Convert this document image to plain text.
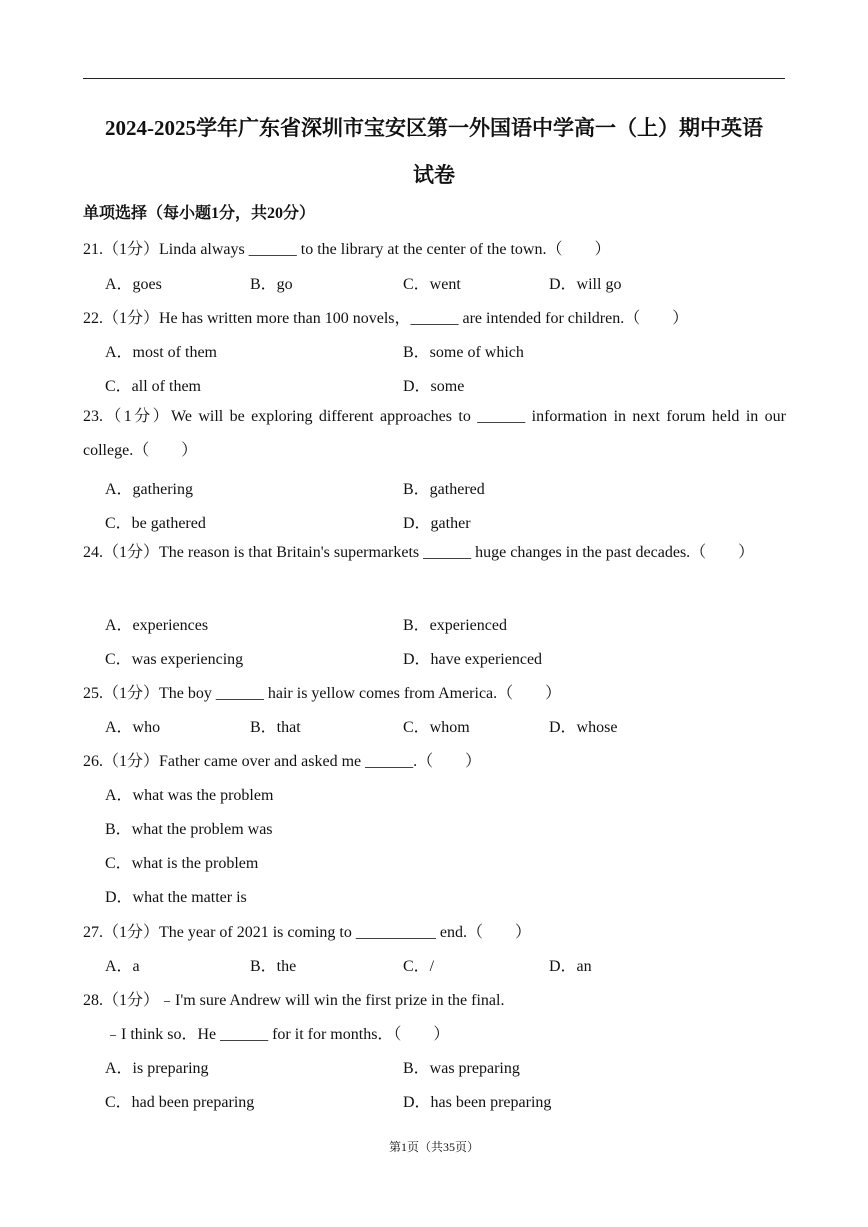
2024-2025学年广东省深圳市宝安区第一外国语中学高一（上）期中英语
试卷
单项选择（每小题1分，共20分）
21.（1分）Linda always ______ to the library at the center of the town.（　　）
A．goes	B．go	C．went	D．will go
22.（1分）He has written more than 100 novels，______ are intended for children.（　　）
A．most of them	B．some of which
C．all of them	D．some
23.（1分）We will be exploring different approaches to ______ information in next forum held in our college.（　　）
A．gathering	B．gathered
C．be gathered	D．gather
24.（1分）The reason is that Britain's supermarkets ______ huge changes in the past decades.（　　）
A．experiences	B．experienced
C．was experiencing	D．have experienced
25.（1分）The boy ______ hair is yellow comes from America.（　　）
A．who	B．that	C．whom	D．whose
26.（1分）Father came over and asked me ______.（　　）
A．what was the problem
B．what the problem was
C．what is the problem
D．what the matter is
27.（1分）The year of 2021 is coming to __________ end.（　　）
A．a	B．the	C．/	D．an
28.（1分）﹣I'm sure Andrew will win the first prize in the final.
﹣I think so．He ______ for it for months．（　　）
A．is preparing	B．was preparing
C．had been preparing	D．has been preparing
第1页（共35页）
